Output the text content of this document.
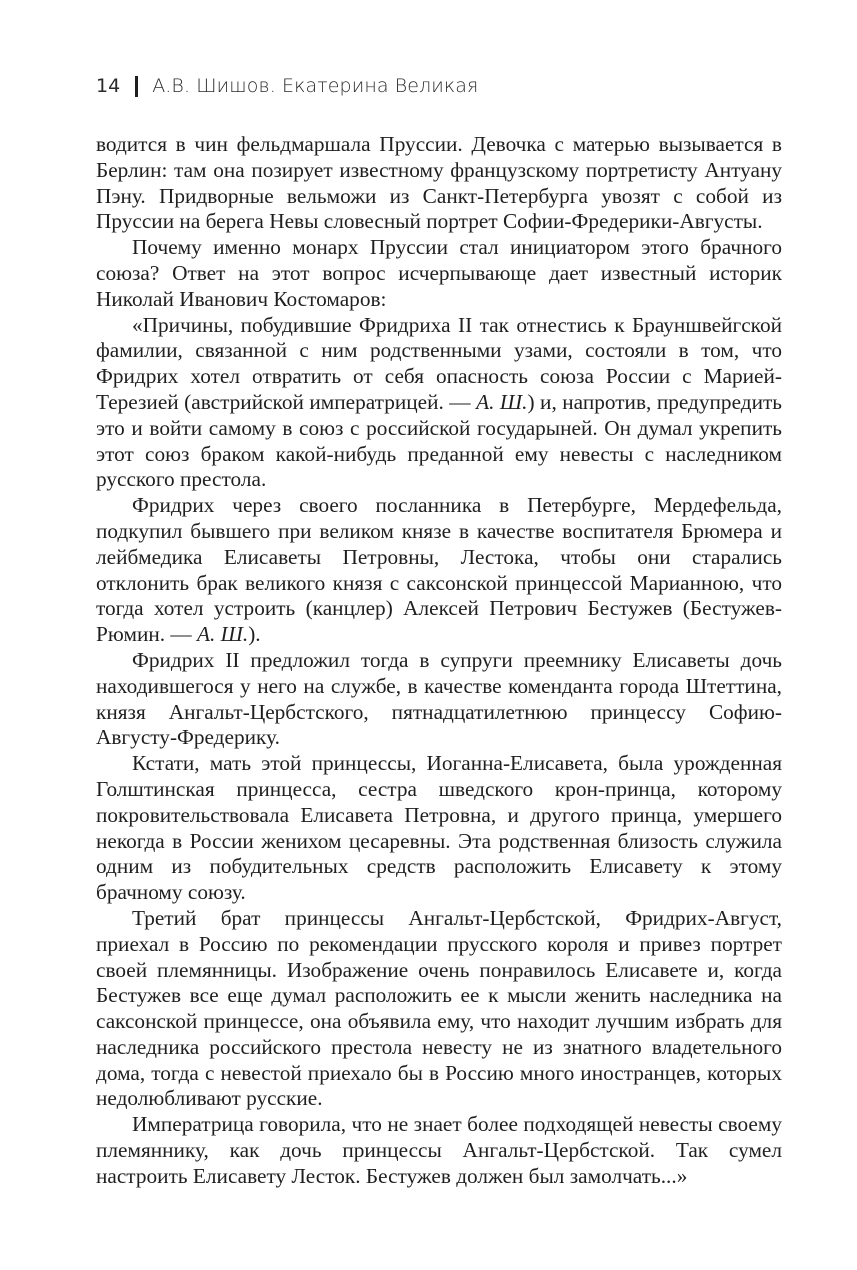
14 А.В. Шишов. Екатерина Великая

водится в чин фельдмаршала Пруссии. Девочка с матерью вызывается в Берлин: там она позирует известному французскому портретисту Антуану Пэну. Придворные вельможи из Санкт-Петербурга увозят с собой из Пруссии на берега Невы словесный портрет Софии-Фредерики-Августы.

Почему именно монарх Пруссии стал инициатором этого брачного союза? Ответ на этот вопрос исчерпывающе дает известный историк Николай Иванович Костомаров:

«Причины, побудившие Фридриха II так отнестись к Брауншвейгской фамилии, связанной с ним родственными узами, состояли в том, что Фридрих хотел отвратить от себя опасность союза России с Марией-Терезией (австрийской императрицей. — А. Ш.) и, напротив, предупредить это и войти самому в союз с российской государыней. Он думал укрепить этот союз браком какой-нибудь преданной ему невесты с наследником русского престола.

Фридрих через своего посланника в Петербурге, Мердефельда, подкупил бывшего при великом князе в качестве воспитателя Брюмера и лейбмедика Елисаветы Петровны, Лестока, чтобы они старались отклонить брак великого князя с саксонской принцессой Марианною, что тогда хотел устроить (канцлер) Алексей Петрович Бестужев (Бестужев-Рюмин. — А. Ш.).

Фридрих II предложил тогда в супруги преемнику Елисаветы дочь находившегося у него на службе, в качестве коменданта города Штеттина, князя Ангальт-Цербстского, пятнадцатилетнюю принцессу Софию-Августу-Фредерику.

Кстати, мать этой принцессы, Иоганна-Елисавета, была урожденная Голштинская принцесса, сестра шведского крон-принца, которому покровительствовала Елисавета Петровна, и другого принца, умершего некогда в России женихом цесаревны. Эта родственная близость служила одним из побудительных средств расположить Елисавету к этому брачному союзу.

Третий брат принцессы Ангальт-Цербстской, Фридрих-Август, приехал в Россию по рекомендации прусского короля и привез портрет своей племянницы. Изображение очень понравилось Елисавете и, когда Бестужев все еще думал расположить ее к мысли женить наследника на саксонской принцессе, она объявила ему, что находит лучшим избрать для наследника российского престола невесту не из знатного владетельного дома, тогда с невестой приехало бы в Россию много иностранцев, которых недолюбливают русские.

Императрица говорила, что не знает более подходящей невесты своему племяннику, как дочь принцессы Ангальт-Цербстской. Так сумел настроить Елисавету Лесток. Бестужев должен был замолчать...»
